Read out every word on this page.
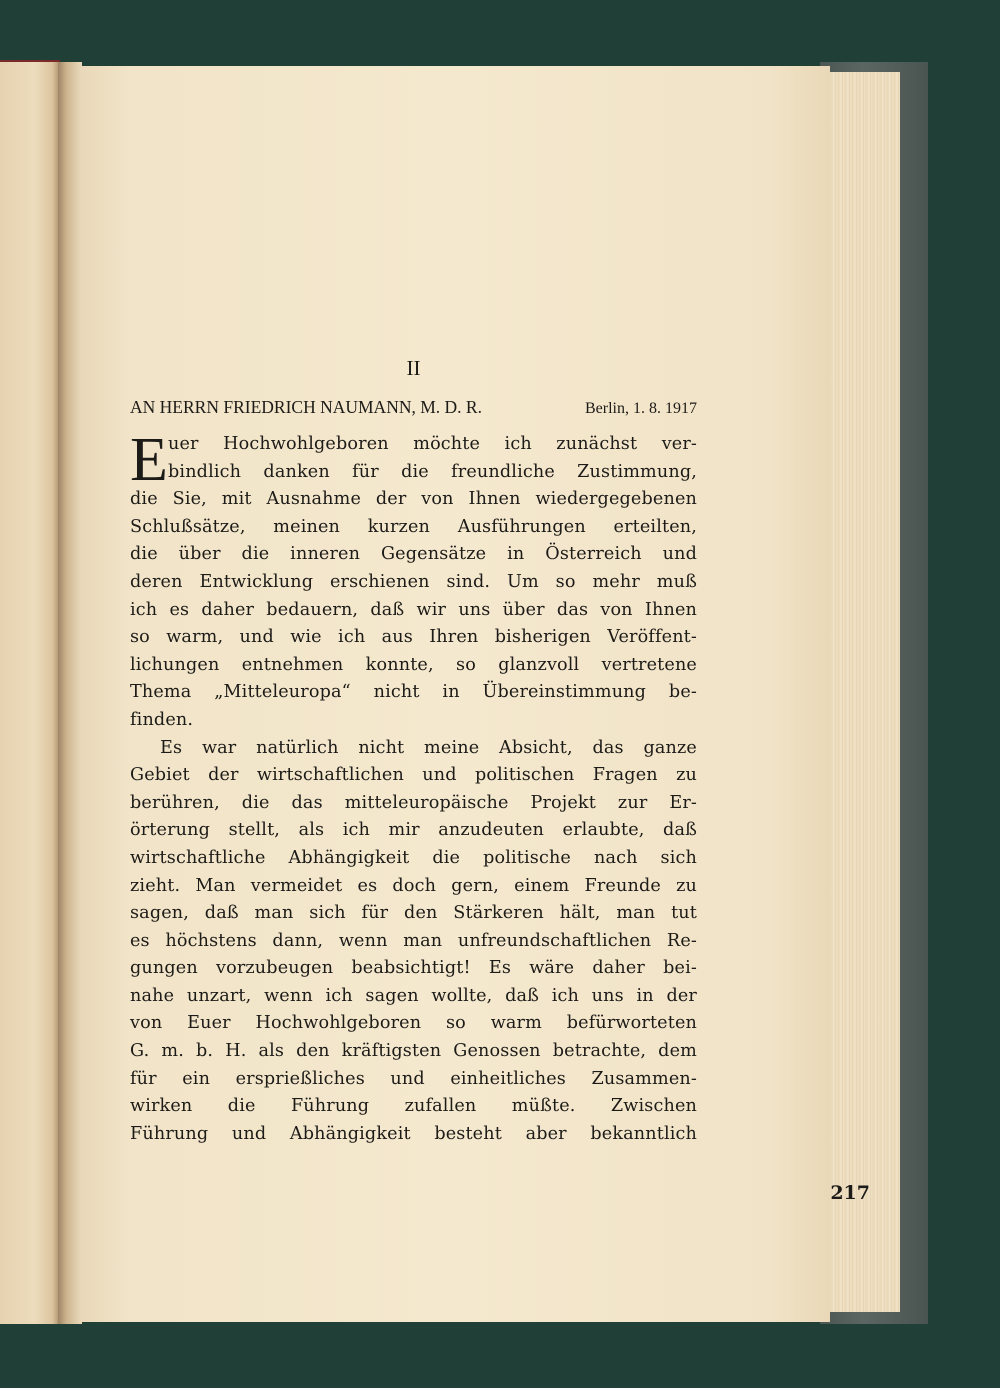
II
AN HERRN FRIEDRICH NAUMANN, M. D. R.	Berlin, 1. 8. 1917
E uer Hochwohlgeboren möchte ich zunächst ver-
bindlich danken für die freundliche Zustimmung,
die Sie, mit Ausnahme der von Ihnen wiedergegebenen
Schlußsätze, meinen kurzen Ausführungen erteilten,
die über die inneren Gegensätze in Österreich und
deren Entwicklung erschienen sind. Um so mehr muß
ich es daher bedauern, daß wir uns über das von Ihnen
so warm, und wie ich aus Ihren bisherigen Veröffent-
lichungen entnehmen konnte, so glanzvoll vertretene
Thema „Mitteleuropa“ nicht in Übereinstimmung be-
finden.
Es war natürlich nicht meine Absicht, das ganze
Gebiet der wirtschaftlichen und politischen Fragen zu
berühren, die das mitteleuropäische Projekt zur Er-
örterung stellt, als ich mir anzudeuten erlaubte, daß
wirtschaftliche Abhängigkeit die politische nach sich
zieht. Man vermeidet es doch gern, einem Freunde zu
sagen, daß man sich für den Stärkeren hält, man tut
es höchstens dann, wenn man unfreundschaftlichen Re-
gungen vorzubeugen beabsichtigt! Es wäre daher bei-
nahe unzart, wenn ich sagen wollte, daß ich uns in der
von Euer Hochwohlgeboren so warm befürworteten
G. m. b. H. als den kräftigsten Genossen betrachte, dem
für ein ersprießliches und einheitliches Zusammen-
wirken die Führung zufallen müßte. Zwischen
Führung und Abhängigkeit besteht aber bekanntlich
217
